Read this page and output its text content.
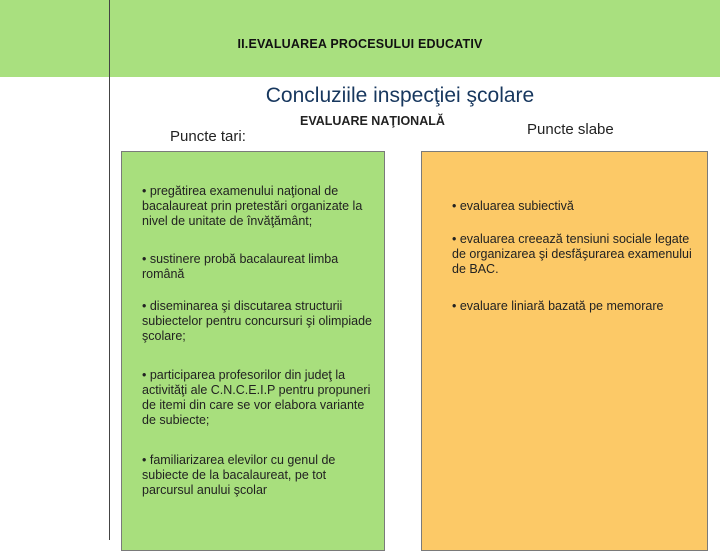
II.EVALUAREA PROCESULUI EDUCATIV
Concluziile inspecţiei şcolare
Puncte tari:
EVALUARE NAŢIONALĂ	Puncte slabe
• pregătirea examenului naţional de bacalaureat prin pretestări organizate la nivel de unitate de învăţământ;
• sustinere probă bacalaureat limba română
• diseminarea şi discutarea structurii subiectelor pentru concursuri şi olimpiade şcolare;
• participarea profesorilor din judeţ la activităţi ale C.N.C.E.I.P pentru propuneri de itemi din care se vor elabora variante de subiecte;
• familiarizarea elevilor cu genul de subiecte de la bacalaureat, pe tot parcursul anului şcolar
• evaluarea subiectivă
• evaluarea creează tensiuni sociale legate de organizarea şi desfăşurarea examenului de BAC.
• evaluare liniară bazată pe memorare
